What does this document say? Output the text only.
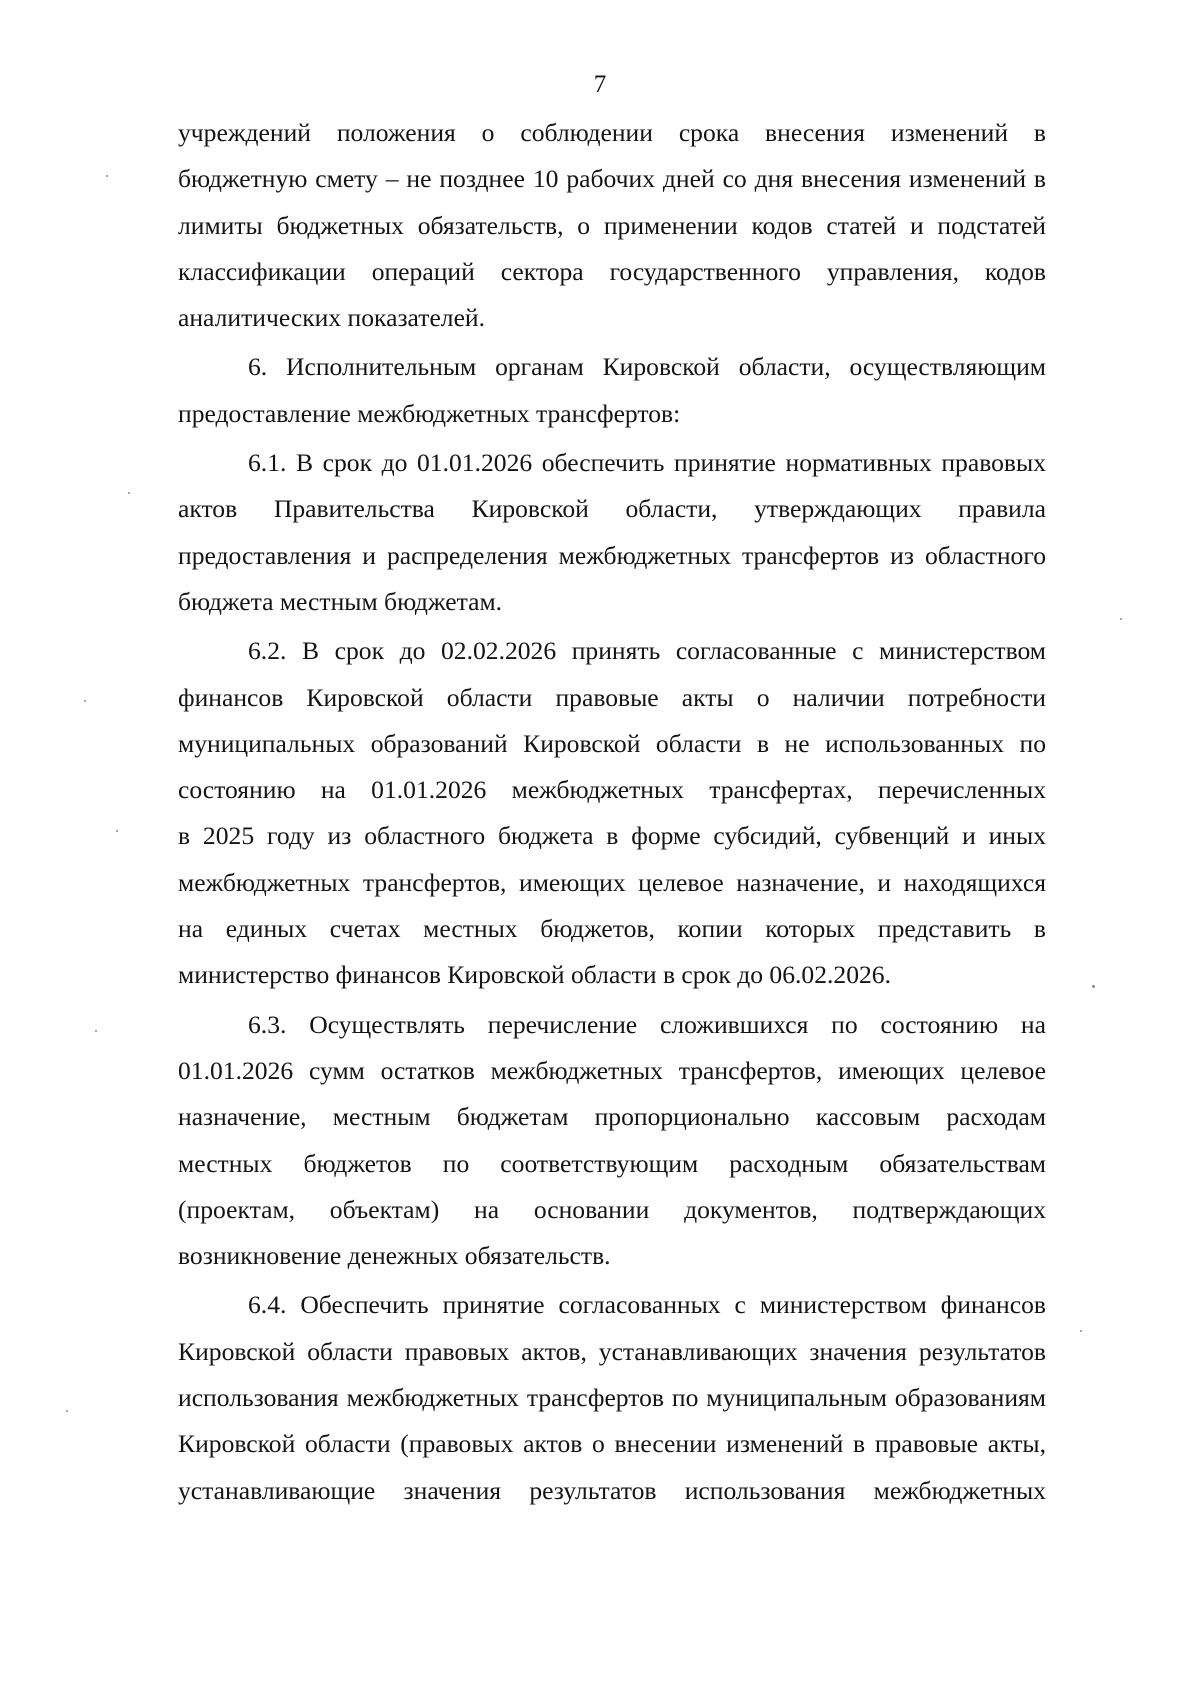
7
учреждений положения о соблюдении срока внесения изменений в
бюджетную смету – не позднее 10 рабочих дней со дня внесения изменений в
лимиты бюджетных обязательств, о применении кодов статей и подстатей
классификации операций сектора государственного управления, кодов
аналитических показателей.
6. Исполнительным органам Кировской области, осуществляющим
предоставление межбюджетных трансфертов:
6.1. В срок до 01.01.2026 обеспечить принятие нормативных правовых
актов Правительства Кировской области, утверждающих правила
предоставления и распределения межбюджетных трансфертов из областного
бюджета местным бюджетам.
6.2. В срок до 02.02.2026 принять согласованные с министерством
финансов Кировской области правовые акты о наличии потребности
муниципальных образований Кировской области в не использованных по
состоянию на 01.01.2026 межбюджетных трансфертах, перечисленных
в 2025 году из областного бюджета в форме субсидий, субвенций и иных
межбюджетных трансфертов, имеющих целевое назначение, и находящихся
на единых счетах местных бюджетов, копии которых представить в
министерство финансов Кировской области в срок до 06.02.2026.
6.3. Осуществлять перечисление сложившихся по состоянию на
01.01.2026 сумм остатков межбюджетных трансфертов, имеющих целевое
назначение, местным бюджетам пропорционально кассовым расходам
местных бюджетов по соответствующим расходным обязательствам
(проектам, объектам) на основании документов, подтверждающих
возникновение денежных обязательств.
6.4. Обеспечить принятие согласованных с министерством финансов
Кировской области правовых актов, устанавливающих значения результатов
использования межбюджетных трансфертов по муниципальным образованиям
Кировской области (правовых актов о внесении изменений в правовые акты,
устанавливающие значения результатов использования межбюджетных
